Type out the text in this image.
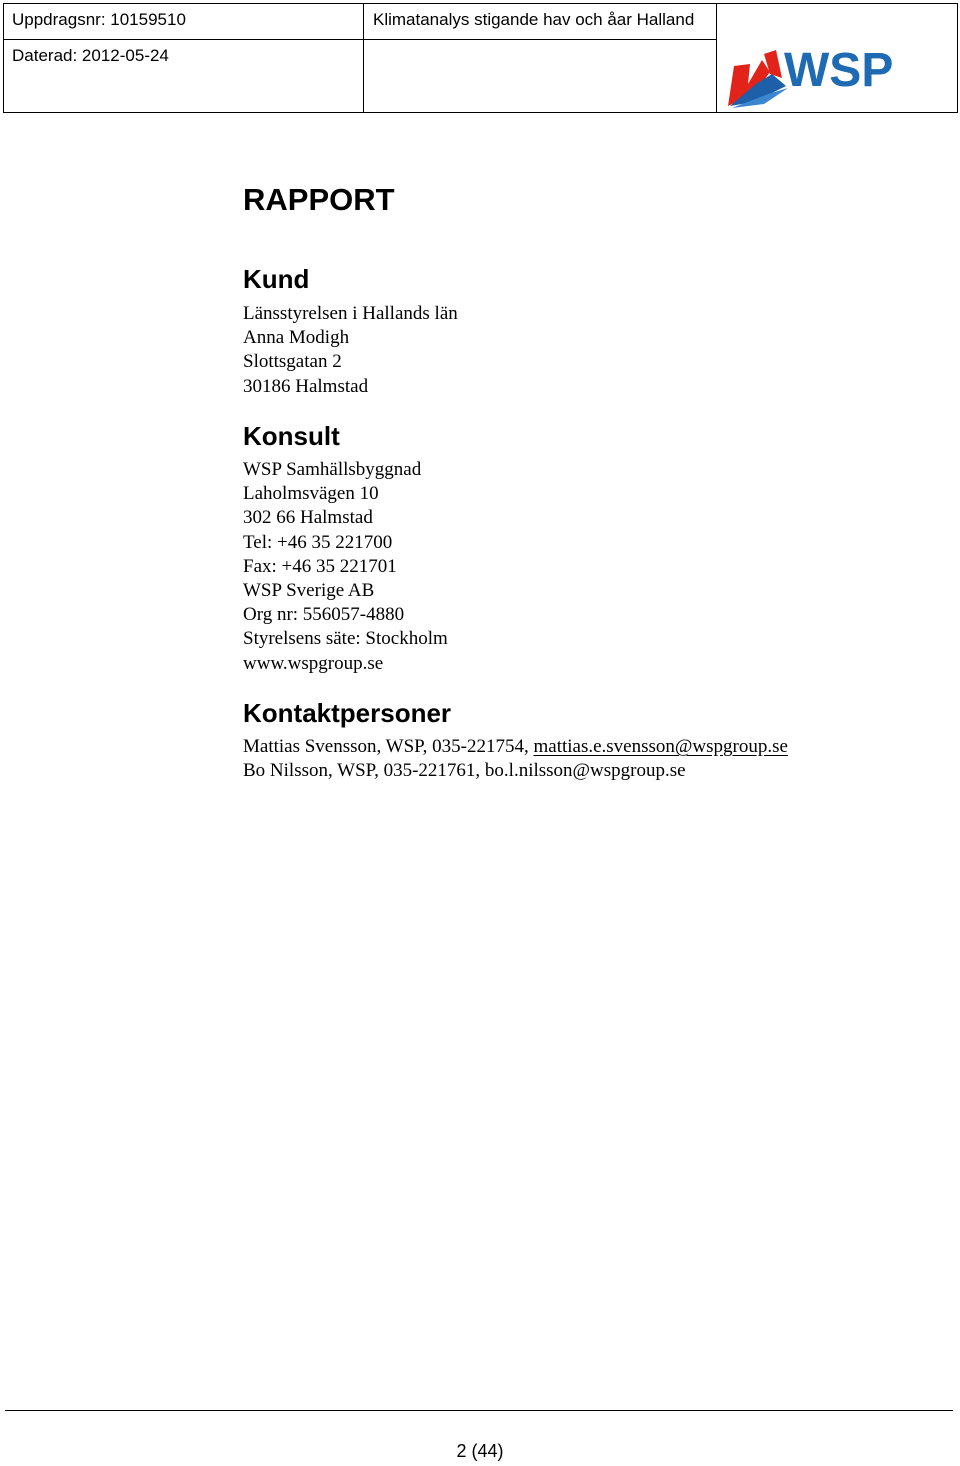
Uppdragsnr: 10159510
Daterad: 2012-05-24
Klimatanalys stigande hav och åar Halland
WSP
RAPPORT
Kund
Länsstyrelsen i Hallands län
Anna Modigh
Slottsgatan 2
30186 Halmstad
Konsult
WSP Samhällsbyggnad
Laholmsvägen 10
302 66 Halmstad
Tel: +46 35 221700
Fax: +46 35 221701
WSP Sverige AB
Org nr: 556057-4880
Styrelsens säte: Stockholm
www.wspgroup.se
Kontaktpersoner
Mattias Svensson, WSP, 035-221754, mattias.e.svensson@wspgroup.se
Bo Nilsson, WSP, 035-221761, bo.l.nilsson@wspgroup.se
2 (44)
